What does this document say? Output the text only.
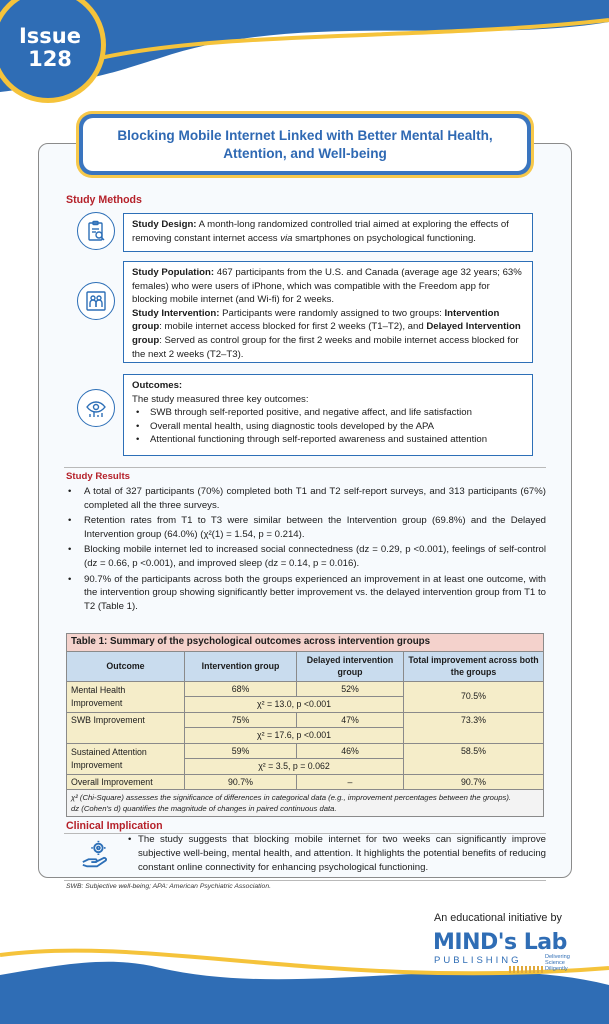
Issue
128
Blocking Mobile Internet Linked with Better Mental Health, Attention, and Well-being
Study Methods
Study Design: A month-long randomized controlled trial aimed at exploring the effects of removing constant internet access via smartphones on psychological functioning.
Study Population: 467 participants from the U.S. and Canada (average age 32 years; 63% females) who were users of iPhone, which was compatible with the Freedom app for blocking mobile internet (and Wi-fi) for 2 weeks.
Study Intervention: Participants were randomly assigned to two groups: Intervention group: mobile internet access blocked for first 2 weeks (T1–T2), and Delayed Intervention group: Served as control group for the first 2 weeks and mobile internet access blocked for the next 2 weeks (T2–T3).
Outcomes:
The study measured three key outcomes:
• SWB through self-reported positive, and negative affect, and life satisfaction
• Overall mental health, using diagnostic tools developed by the APA
• Attentional functioning through self-reported awareness and sustained attention
Study Results
• A total of 327 participants (70%) completed both T1 and T2 self-report surveys, and 313 participants (67%) completed all the three surveys.
• Retention rates from T1 to T3 were similar between the Intervention group (69.8%) and the Delayed Intervention group (64.0%) (χ²(1) = 1.54, p = 0.214).
• Blocking mobile internet led to increased social connectedness (dz = 0.29, p <0.001), feelings of self-control (dz = 0.66, p <0.001), and improved sleep (dz = 0.14, p = 0.016).
• 90.7% of the participants across both the groups experienced an improvement in at least one outcome, with the intervention group showing significantly better improvement vs. the delayed intervention group from T1 to T2 (Table 1).
Table 1: Summary of the psychological outcomes across intervention groups			
Outcome	Intervention group	Delayed intervention group	Total improvement across both the groups
Mental Health
Improvement	68%	52%	70.5%
	χ² = 13.0, p <0.001		
SWB Improvement	75%	47%	73.3%
	χ² = 17.6, p <0.001		
Sustained Attention
Improvement	59%	46%	58.5%
	χ² = 3.5, p = 0.062		
Overall Improvement	90.7%	–	90.7%

χ² (Chi-Square) assesses the significance of differences in categorical data (e.g., improvement percentages between the groups).
dz (Cohen's d) quantifies the magnitude of changes in paired continuous data.			
Clinical Implication
• The study suggests that blocking mobile internet for two weeks can significantly improve subjective well-being, mental health, and attention. It highlights the potential benefits of reducing constant online connectivity for enhancing psychological functioning.
SWB: Subjective well-being; APA: American Psychiatric Association.
An educational initiative by
MIND's Lab
PUBLISHING	Delivering
Science
Diligently
